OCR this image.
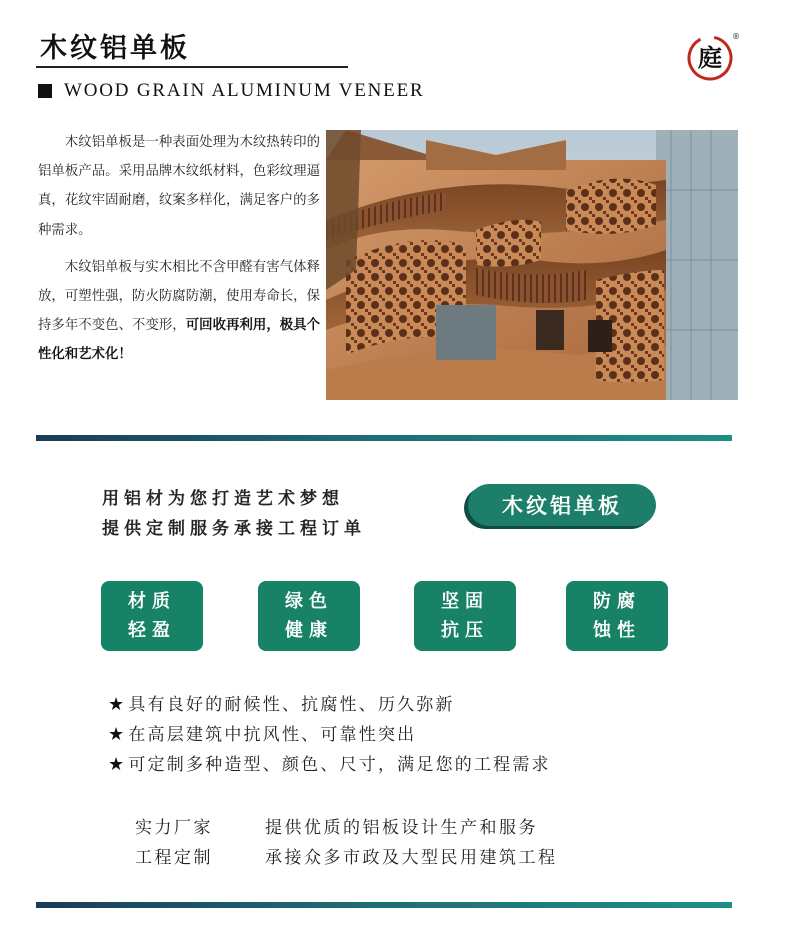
木纹铝单板
WOOD GRAIN ALUMINUM VENEER
庭
®

木纹铝单板是一种表面处理为木纹热转印的铝单板产品。采用品牌木纹纸材料，色彩纹理逼真，花纹牢固耐磨，纹案多样化，满足客户的多种需求。

木纹铝单板与实木相比不含甲醛有害气体释放，可塑性强，防火防腐防潮，使用寿命长，保持多年不变色、不变形，可回收再利用，极具个性化和艺术化！

用铝材为您打造艺术梦想
提供定制服务承接工程订单
木纹铝单板
材质
轻盈
绿色
健康
坚固
抗压
防腐
蚀性
★ 具有良好的耐候性、抗腐性、历久弥新
★ 在高层建筑中抗风性、可靠性突出
★ 可定制多种造型、颜色、尺寸，满足您的工程需求
实力厂家	提供优质的铝板设计生产和服务
工程定制	承接众多市政及大型民用建筑工程
